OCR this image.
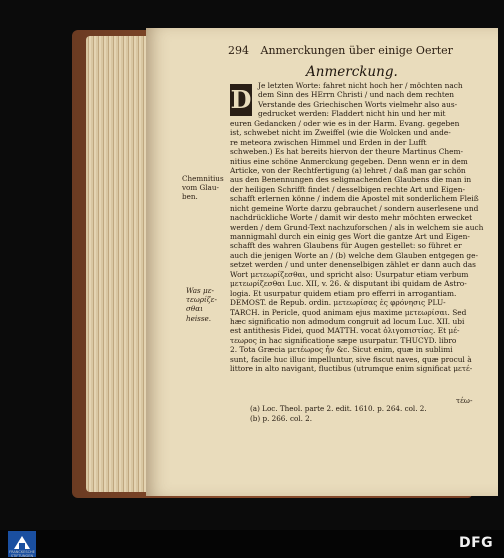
294 Anmerckungen über einige Oerter
Anmerckung.
D Je letzten Worte: fahret nicht hoch her / möchten nach
dem Sinn des HErrn Christi / und nach dem rechten
Verstande des Griechischen Worts vielmehr also aus-
gedrucket werden: Fladdert nicht hin und her mit
euren Gedancken / oder wie es in der Harm. Evang. gegeben
ist, schwebet nicht im Zweiffel (wie die Wolcken und ande-
re meteora zwischen Himmel und Erden in der Lufft
schweben.) Es hat bereits hiervon der theure Martinus Chem-
nitius eine schöne Anmerckung gegeben. Denn wenn er in dem
Articke, von der Rechtfertigung (a) lehret / daß man gar schön
aus den Benennungen des seligmachenden Glaubens die man in
der heiligen Schrifft findet / desselbigen rechte Art und Eigen-
schafft erlernen könne / indem die Apostel mit sonderlichem Fleiß
nicht gemeine Worte darzu gebrauchet / sondern auserlesene und
nachdrückliche Worte / damit wir desto mehr möchten erwecket
werden / dem Grund-Text nachzuforschen / als in welchem sie auch
mannigmahl durch ein einig ges Wort die gantze Art und Eigen-
schafft des wahren Glaubens für Augen gestellet: so führet er
auch die jenigen Worte an / (b) welche dem Glauben entgegen ge-
setzet werden / und unter denenselbigen zählet er dann auch das
Wort μετεωρίζεσθαι, und spricht also: Usurpatur etiam verbum
μετεωρίζεσθαι Luc. XII, v. 26. & disputant ibi quidam de Astro-
logia. Et usurpatur quidem etiam pro efferri in arrogantiam.
DEMOST. de Repub. ordin. μετεωρίσας ἐς φρόνησις PLU-
TARCH. in Pericle, quod animam ejus maxime μετεωρίσαι. Sed
hæc significatio non admodum congruit ad locum Luc. XII. ubi
est antithesis Fidei, quod MATTH. vocat ὀλιγοπιστίας. Et μέ-
τεωρος in hac significatione sæpe usurpatur. THUCYD. libro
2. Tota Græcia μετέωρος ἦν &c. Sicut enim, quæ in sublimi
sunt, facile huc illuc impelluntur, sive fiscut naves, quæ procul à
littore in alto navigant, fluctibus (utrumque enim significat μετέ-
Chemnitius
vom Glau-
ben.
Was με-
τεωρίζε-
σθαι heisse.
τέω-
(a) Loc. Theol. parte 2. edit. 1610. p. 264. col. 2.
(b) p. 266. col. 2.
FRANCKESCHE STIFTUNGEN
DFG
